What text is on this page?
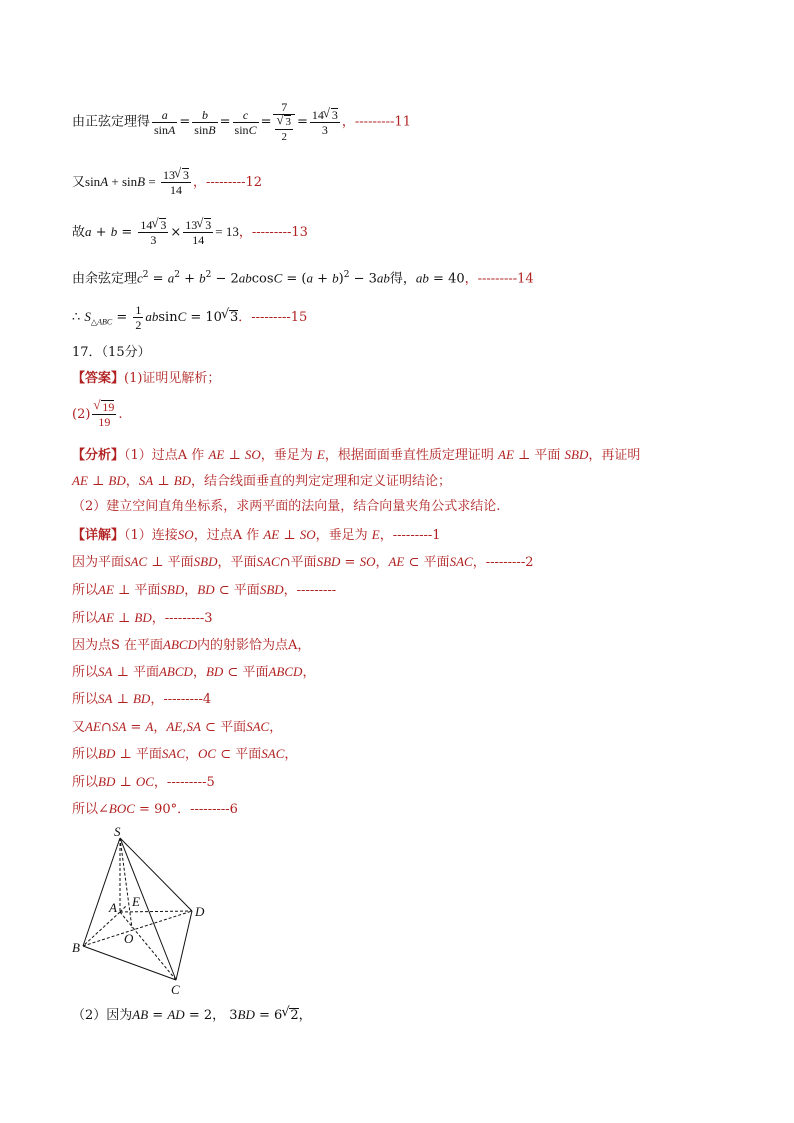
由正弦定理得 $\frac{a}{\sin A} = \frac{b}{\sin B} = \frac{c}{\sin C} = 7$
√ $\frac{3}{2} = \frac{14 √ 3}{3}$ ，---------11
又$\sin A + \sin B = \frac{13 √ 3}{14}$ ，---------12
故$a + b = \frac{14 √ 3}{3} \times \frac{13 √ 3}{14} = 13$，---------13
由余弦定理$c^2 = a^2 + b^2 - 2abcosC = (a + b)^2 - 3ab$得，ab = 40，---------14
∴ $S_{\triangle ABC} = \frac{1}{2}$ absinC = 10 √ 3．---------15
17．（15分）
【答案】(1)证明见解析；
(2) √ $\frac{19}{19}$ .
【分析】（1）过点A 作 AE ⊥ SO，垂足为 E，根据面面垂直性质定理证明 AE ⊥ 平面 SBD，再证明
AE ⊥ BD，SA ⊥ BD，结合线面垂直的判定定理和定义证明结论；
（2）建立空间直角坐标系，求两平面的法向量，结合向量夹角公式求结论.
【详解】（1）连接SO，过点A 作 AE ⊥ SO，垂足为 E，---------1
因为平面SAC ⊥ 平面SBD，平面SAC∩平面SBD = SO，AE ⊂ 平面SAC，---------2
所以AE ⊥ 平面SBD，BD ⊂ 平面SBD，---------
所以AE ⊥ BD，---------3
因为点S 在平面ABCD内的射影恰为点A，
所以SA ⊥ 平面ABCD，BD ⊂ 平面ABCD，
所以SA ⊥ BD，---------4
又AE∩SA = A，AE,SA ⊂ 平面SAC，
所以BD ⊥ 平面SAC，OC ⊂ 平面SAC，
所以BD ⊥ OC，---------5
所以∠BOC = 90°．---------6
S
A E
D
B
O
C
（2）因为AB = AD = 2， 3BD = 6 √ 2，
